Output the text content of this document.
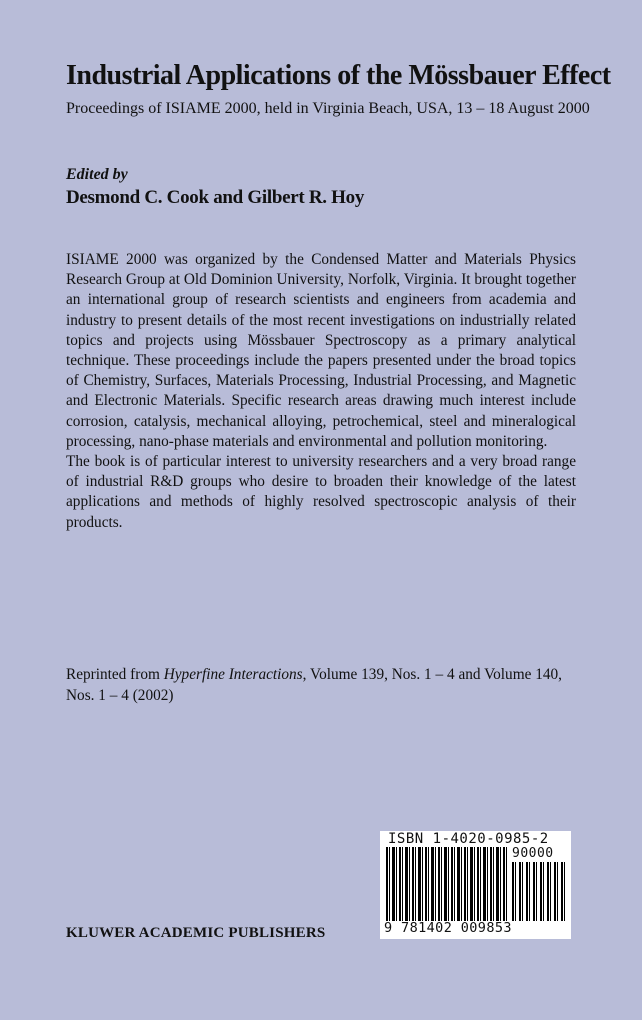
Industrial Applications of the Mössbauer Effect
Proceedings of ISIAME 2000, held in Virginia Beach, USA, 13 – 18 August 2000
Edited by
Desmond C. Cook and Gilbert R. Hoy

ISIAME 2000 was organized by the Condensed Matter and Materials Physics Research Group at Old Dominion University, Norfolk, Virginia. It brought together an international group of research scientists and engineers from academia and industry to present details of the most recent investigations on industrially related topics and projects using Mössbauer Spectroscopy as a primary analytical technique. These proceedings include the papers presented under the broad topics of Chemistry, Surfaces, Materials Processing, Industrial Processing, and Magnetic and Electronic Materials. Specific research areas drawing much interest include corrosion, catalysis, mechanical alloying, petrochemical, steel and mineralogical processing, nano-phase materials and environmental and pollution monitoring.

The book is of particular interest to university researchers and a very broad range of industrial R&D groups who desire to broaden their knowledge of the latest applications and methods of highly resolved spectroscopic analysis of their products.

Reprinted from Hyperfine Interactions, Volume 139, Nos. 1 – 4 and Volume 140, Nos. 1 – 4 (2002)
ISBN 1-4020-0985-2
90000
9 781402 009853
KLUWER ACADEMIC PUBLISHERS
